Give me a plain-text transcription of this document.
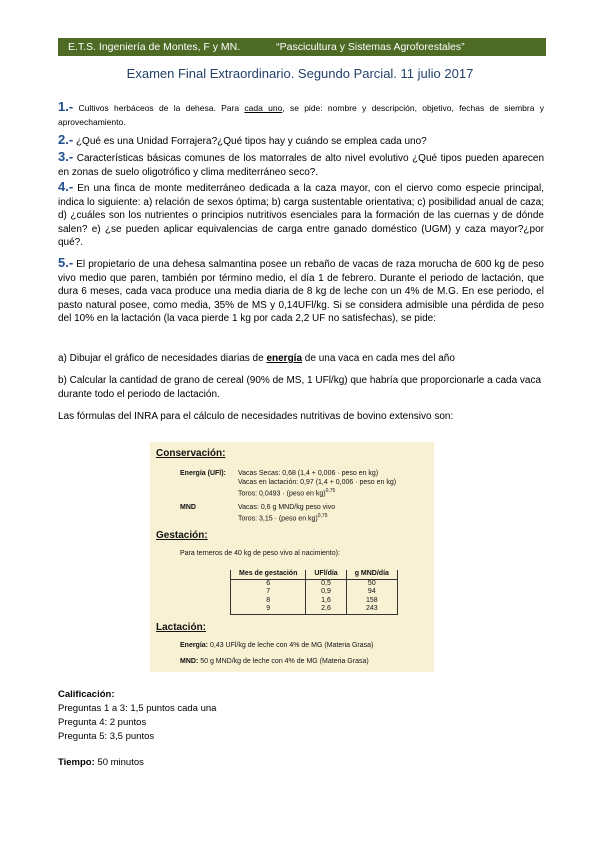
E.T.S. Ingeniería de Montes, F y MN.	“Pascicultura y Sistemas Agroforestales”
Examen Final Extraordinario. Segundo Parcial. 11 julio 2017
1.- Cultivos herbáceos de la dehesa. Para cada uno, se pide: nombre y descripción, objetivo, fechas de siembra y aprovechamiento.
2.- ¿Qué es una Unidad Forrajera?¿Qué tipos hay y cuándo se emplea cada uno?
3.- Características básicas comunes de los matorrales de alto nivel evolutivo ¿Qué tipos pueden aparecen en zonas de suelo oligotrófico y clima mediterráneo seco?.
4.- En una finca de monte mediterráneo dedicada a la caza mayor, con el ciervo como especie principal, indica lo siguiente: a) relación de sexos óptima; b) carga sustentable orientativa; c) posibilidad anual de caza; d) ¿cuáles son los nutrientes o principios nutritivos esenciales para la formación de las cuernas y de dónde salen? e) ¿se pueden aplicar equivalencias de carga entre ganado doméstico (UGM) y caza mayor?¿por qué?.
5.- El propietario de una dehesa salmantina posee un rebaño de vacas de raza morucha de 600 kg de peso vivo medio que paren, también por término medio, el día 1 de febrero. Durante el periodo de lactación, que dura 6 meses, cada vaca produce una media diaria de 8 kg de leche con un 4% de M.G. En ese periodo, el pasto natural posee, como media, 35% de MS y 0,14UFl/kg. Si se considera admisible una pérdida de peso del 10% en la lactación (la vaca pierde 1 kg por cada 2,2 UF no satisfechas), se pide:
a) Dibujar el gráfico de necesidades diarias de energía de una vaca en cada mes del año
b) Calcular la cantidad de grano de cereal (90% de MS, 1 UFl/kg) que habría que proporcionarle a cada vaca durante todo el periodo de lactación.
Las fórmulas del INRA para el cálculo de necesidades nutritivas de bovino extensivo son:
Conservación:
Energía (UFl): Vacas Secas: 0,68 (1,4 + 0,006 · peso en kg)
Vacas en lactación: 0,97 (1,4 + 0,006 · peso en kg)
Toros: 0,0493 · (peso en kg)$^{0,75}$
MND	Vacas: 0,6 g MND/kg peso vivo
Toros: 3,15 · (peso en kg)$^{0,75}$
Gestación:
Para terneros de 40 kg de peso vivo al nacimiento):
Mes de gestación	UFl/día	g MND/día
6	0,5	50
7	0,9	94
8	1,6	158
9	2,6	243
Lactación:
Energía: 0,43 UFl/kg de leche con 4% de MG (Materia Grasa)
MND: 50 g MND/kg de leche con 4% de MG (Materia Grasa)
Calificación:
Preguntas 1 a 3: 1,5 puntos cada una
Pregunta 4: 2 puntos
Pregunta 5: 3,5 puntos
Tiempo: 50 minutos
